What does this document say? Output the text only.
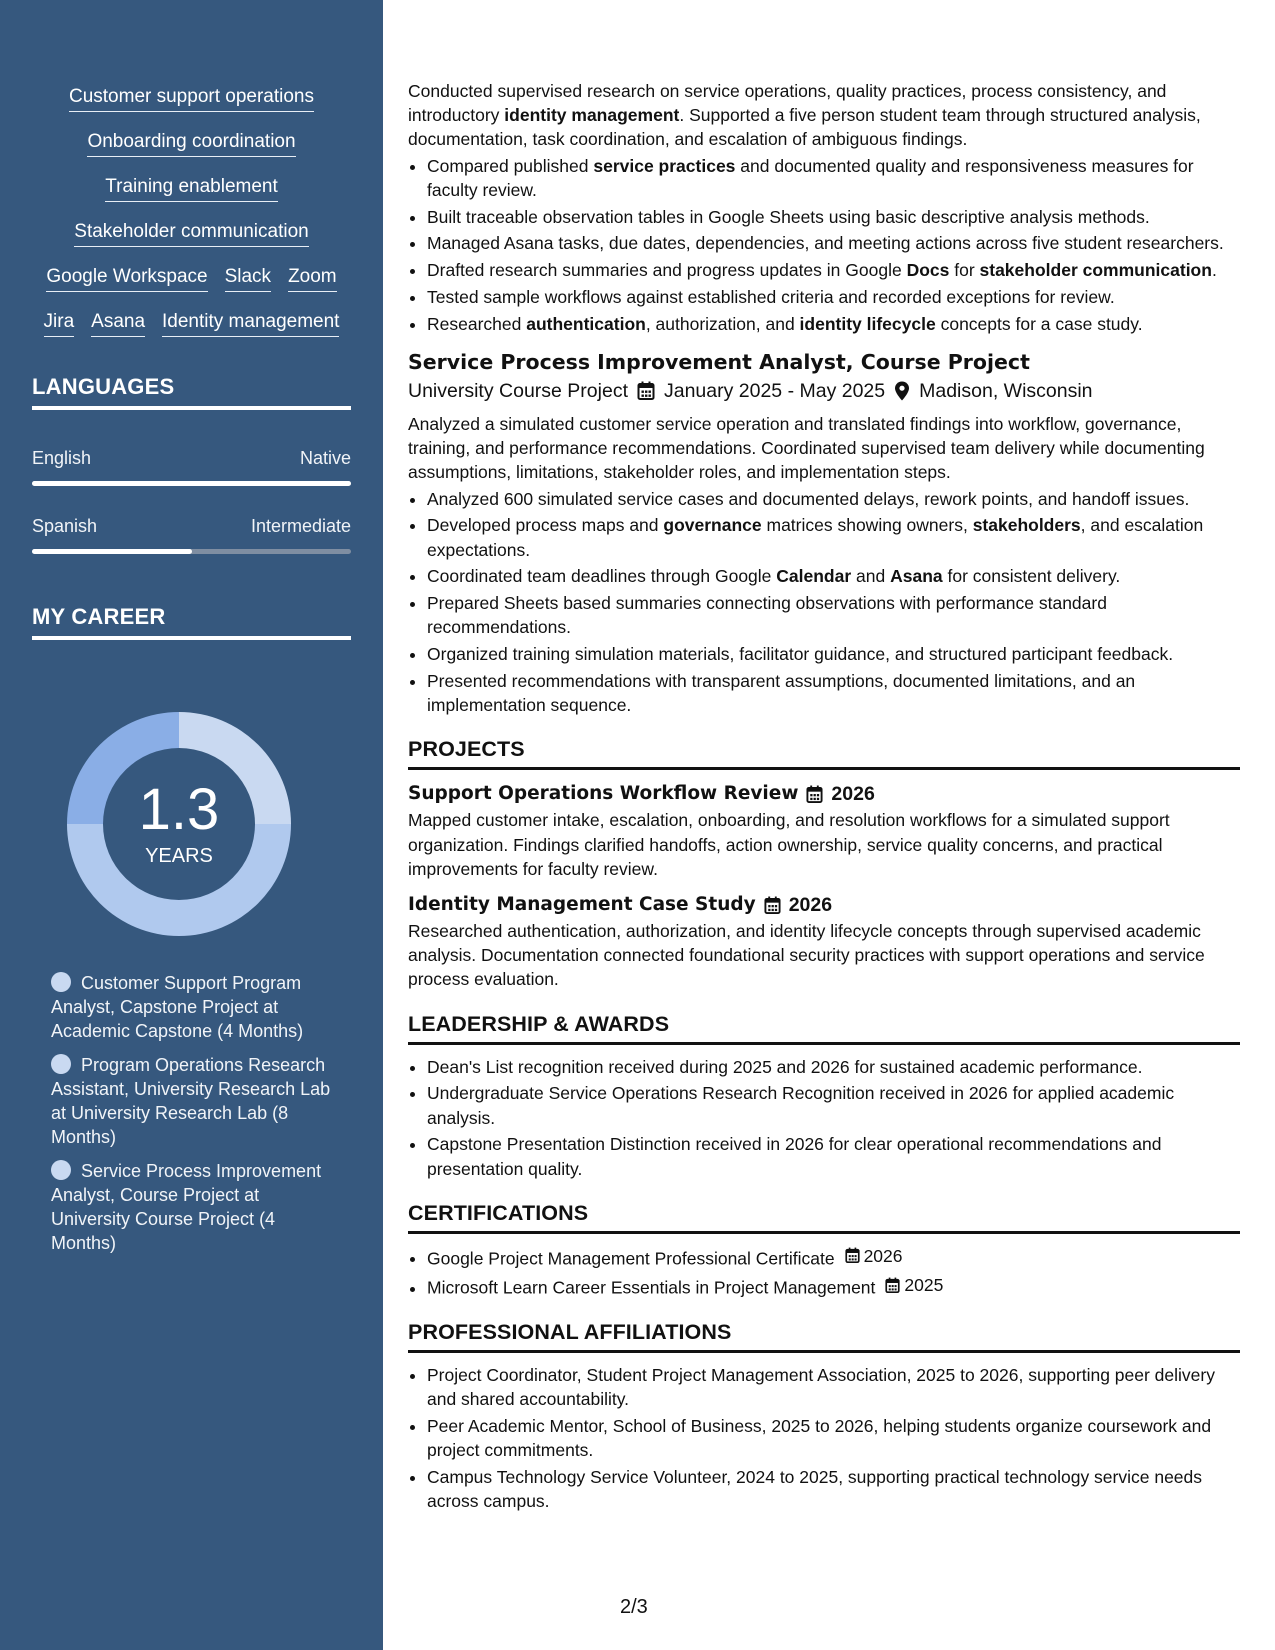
Customer support operations
Onboarding coordination
Training enablement
Stakeholder communication
Google Workspace Slack Zoom
Jira Asana Identity management
LANGUAGES
MY CAREER
1.3
YEARS
Customer Support Program Analyst, Capstone Project at Academic Capstone (4 Months)
Program Operations Research Assistant, University Research Lab at University Research Lab (8 Months)
Service Process Improvement Analyst, Course Project at University Course Project (4 Months)
English	Native
Spanish	Intermediate
Conducted supervised research on service operations, quality practices, process consistency, and introductory identity management. Supported a five person student team through structured analysis, documentation, task coordination, and escalation of ambiguous findings.
• Compared published service practices and documented quality and responsiveness measures for faculty review.
• Built traceable observation tables in Google Sheets using basic descriptive analysis methods.
• Managed Asana tasks, due dates, dependencies, and meeting actions across five student researchers.
• Drafted research summaries and progress updates in Google Docs for stakeholder communication.
• Tested sample workflows against established criteria and recorded exceptions for review.
• Researched authentication, authorization, and identity lifecycle concepts for a case study.
Service Process Improvement Analyst, Course Project
University Course Project January 2025 - May 2025 Madison, Wisconsin
Analyzed a simulated customer service operation and translated findings into workflow, governance, training, and performance recommendations. Coordinated supervised team delivery while documenting assumptions, limitations, stakeholder roles, and implementation steps.
• Analyzed 600 simulated service cases and documented delays, rework points, and handoff issues.
• Developed process maps and governance matrices showing owners, stakeholders, and escalation expectations.
• Coordinated team deadlines through Google Calendar and Asana for consistent delivery.
• Prepared Sheets based summaries connecting observations with performance standard recommendations.
• Organized training simulation materials, facilitator guidance, and structured participant feedback.
• Presented recommendations with transparent assumptions, documented limitations, and an implementation sequence.
PROJECTS
Support Operations Workflow Review 2026
Mapped customer intake, escalation, onboarding, and resolution workflows for a simulated support organization. Findings clarified handoffs, action ownership, service quality concerns, and practical improvements for faculty review.
Identity Management Case Study 2026
Researched authentication, authorization, and identity lifecycle concepts through supervised academic analysis. Documentation connected foundational security practices with support operations and service process evaluation.
LEADERSHIP & AWARDS
• Dean's List recognition received during 2025 and 2026 for sustained academic performance.
• Undergraduate Service Operations Research Recognition received in 2026 for applied academic analysis.
• Capstone Presentation Distinction received in 2026 for clear operational recommendations and presentation quality.
CERTIFICATIONS
• Google Project Management Professional Certificate 2026
• Microsoft Learn Career Essentials in Project Management 2025
PROFESSIONAL AFFILIATIONS
• Project Coordinator, Student Project Management Association, 2025 to 2026, supporting peer delivery and shared accountability.
• Peer Academic Mentor, School of Business, 2025 to 2026, helping students organize coursework and project commitments.
• Campus Technology Service Volunteer, 2024 to 2025, supporting practical technology service needs across campus.
2/3
